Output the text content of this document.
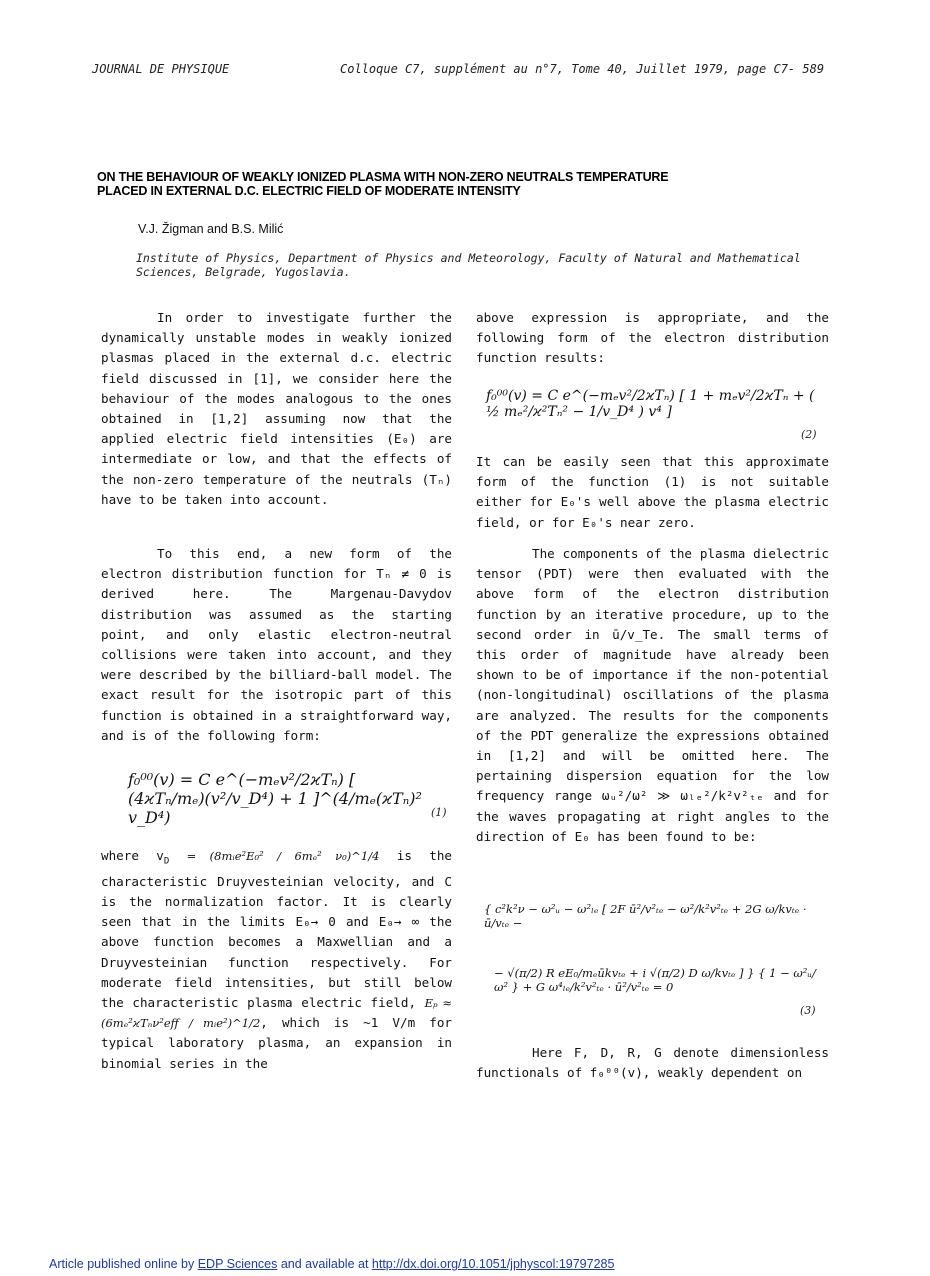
JOURNAL DE PHYSIQUE	Colloque C7, supplément au n°7, Tome 40, Juillet 1979, page C7- 589
ON THE BEHAVIOUR OF WEAKLY IONIZED PLASMA WITH NON-ZERO NEUTRALS TEMPERATURE
PLACED IN EXTERNAL D.C. ELECTRIC FIELD OF MODERATE INTENSITY
V.J. Žigman and B.S. Milić
Institute of Physics, Department of Physics and Meteorology, Faculty of Natural and Mathematical Sciences, Belgrade, Yugoslavia.

In order to investigate further the dynamically unstable modes in weakly ionized plasmas placed in the external d.c. electric field discussed in [1], we consider here the behaviour of the modes analogous to the ones obtained in [1,2] assuming now that the applied electric field intensities (E₀) are intermediate or low, and that the effects of the non-zero temperature of the neutrals (Tₙ) have to be taken into account.

To this end, a new form of the electron distribution function for Tₙ ≠ 0 is derived here. The Margenau-Davydov distribution was assumed as the starting point, and only elastic electron-neutral collisions were taken into account, and they were described by the billiard-ball model. The exact result for the isotropic part of this function is obtained in a straightforward way, and is of the following form:

f₀⁰⁰(v) = C e^(−mₑv²/2ϰTₙ) [ (4ϰTₙ/mₑ)(v²/v_D⁴) + 1 ]^(4/mₑ(ϰTₙ)² v_D⁴)	(1)
where $v_D$ = (8mᵢe²E₀² / 6mₑ² ν₀)^1/4 is the characteristic Druyvesteinian velocity, and C is the normalization factor. It is clearly seen that in the limits E₀→ 0 and E₀→ ∞ the above function becomes a Maxwellian and a Druyvesteinian function respectively. For moderate field intensities, but still below the characteristic plasma electric field, Eₚ ≈ (6mₑ²ϰTₙν²eff / mᵢe²)^1/2, which is ~1 V/m for typical laboratory plasma, an expansion in binomial series in the

above expression is appropriate, and the following form of the electron distribution function results:

f₀⁰⁰(v) = C e^(−mₑv²/2ϰTₙ) [ 1 + mₑv²/2ϰTₙ + ( ½ mₑ²/ϰ²Tₙ² − 1/v_D⁴ ) v⁴ ]
(2)

It can be easily seen that this approximate form of the function (1) is not suitable either for E₀'s well above the plasma electric field, or for E₀'s near zero.

The components of the plasma dielectric tensor (PDT) were then evaluated with the above form of the electron distribution function by an iterative procedure, up to the second order in ū/v_Te. The small terms of this order of magnitude have already been shown to be of importance if the non-potential (non-longitudinal) oscillations of the plasma are analyzed. The results for the components of the PDT generalize the expressions obtained in [1,2] and will be omitted here. The pertaining dispersion equation for the low frequency range ωᵤ²/ω² ≫ ωₗₑ²/k²v²ₜₑ and for the waves propagating at right angles to the direction of E₀ has been found to be:

{ c²k²ν − ω²ᵤ − ω²ₗₑ [ 2F ū²/v²ₜₑ − ω²/k²v²ₜₑ + 2G ω/kvₜₑ · ū/vₜₑ −
− √(π/2) R eE₀/mₑūkvₜₑ + i √(π/2) D ω/kvₜₑ ] } { 1 − ω²ᵤ/ω² } + G ω⁴ₗₑ/k²v²ₜₑ · ū²/v²ₜₑ = 0
(3)

Here F, D, R, G denote dimensionless functionals of f₀⁰⁰(v), weakly dependent on

Article published online by EDP Sciences and available at http://dx.doi.org/10.1051/jphyscol:19797285
